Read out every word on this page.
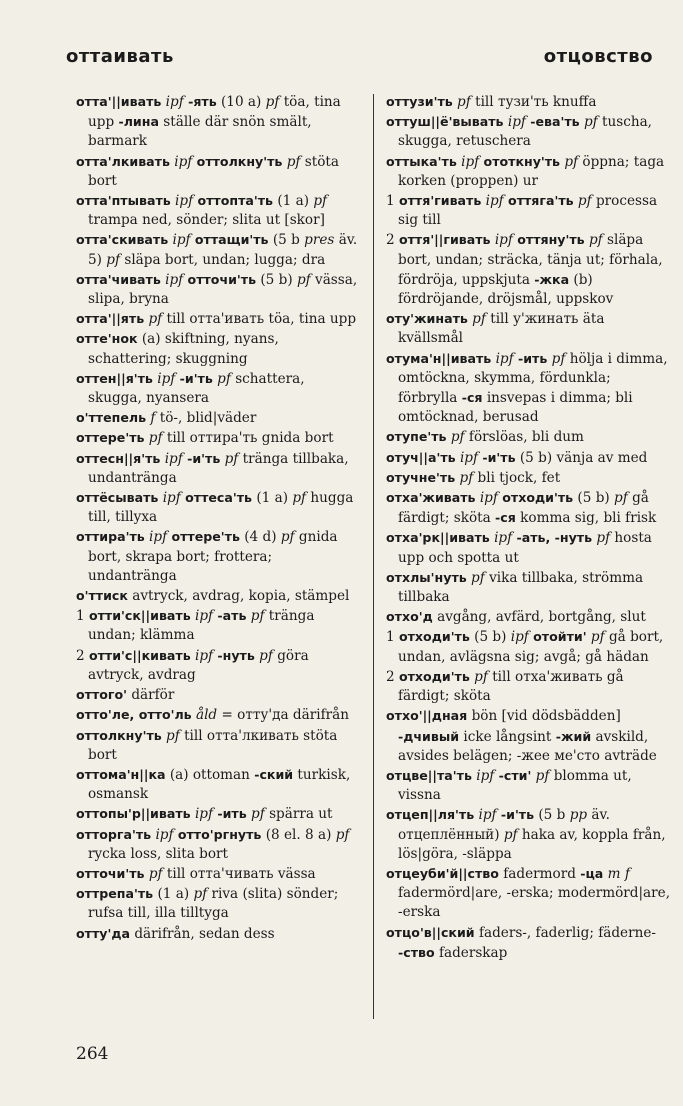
оттаивать	отцовство

отта'||ивать ipf -ять (10 a) pf töa, tina upp -лина ställe där snön smält, barmark

отта'лкивать ipf оттолкну'ть pf stöta bort

отта'птывать ipf оттопта'ть (1 a) pf trampa ned, sönder; slita ut [skor]

отта'скивать ipf оттащи'ть (5 b pres äv. 5) pf släpa bort, undan; lugga; dra

отта'чивать ipf отточи'ть (5 b) pf vässa, slipa, bryna

отта'||ять pf till отта'ивать töa, tina upp

отте'нок (a) skiftning, nyans, schattering; skuggning

оттен||я'ть ipf -и'ть pf schattera, skugga, nyansera

о'ттепель f tö-, blid|väder

оттере'ть pf till оттира'ть gnida bort

оттесн||я'ть ipf -и'ть pf tränga tillbaka, undantränga

оттёсывать ipf оттеса'ть (1 a) pf hugga till, tillyxa

оттира'ть ipf оттере'ть (4 d) pf gnida bort, skrapa bort; frottera; undantränga

о'ттиск avtryck, avdrag, kopia, stämpel

1 отти'ск||ивать ipf -ать pf tränga undan; klämma

2 отти'с||кивать ipf -нуть pf göra avtryck, avdrag

оттого' därför

отто'ле, отто'ль åld = отту'да därifrån

оттолкну'ть pf till отта'лкивать stöta bort

оттома'н||ка (a) ottoman -ский turkisk, osmansk

оттопы'р||ивать ipf -ить pf spärra ut

отторга'ть ipf отто'ргнуть (8 el. 8 a) pf rycka loss, slita bort

отточи'ть pf till отта'чивать vässa

оттрепа'ть (1 a) pf riva (slita) sönder; rufsa till, illa tilltyga

отту'да därifrån, sedan dess

оттузи'ть pf till тузи'ть knuffa

оттуш||ё'вывать ipf -ева'ть pf tuscha, skugga, retuschera

оттыка'ть ipf ототкну'ть pf öppna; taga korken (proppen) ur

1 оття'гивать ipf оттяга'ть pf processa sig till

2 оття'||гивать ipf оттяну'ть pf släpa bort, undan; sträcka, tänja ut; förhala, fördröja, uppskjuta -жка (b) fördröjande, dröjsmål, uppskov

оту'жинать pf till у'жинать äta kvällsmål

отума'н||ивать ipf -ить pf hölja i dimma, omtöckna, skymma, fördunkla; förbrylla -ся insvepas i dimma; bli omtöcknad, berusad

отупе'ть pf förslöas, bli dum

отуч||а'ть ipf -и'ть (5 b) vänja av med

отучне'ть pf bli tjock, fet

отха'живать ipf отходи'ть (5 b) pf gå färdigt; sköta -ся komma sig, bli frisk

отха'рк||ивать ipf -ать, -нуть pf hosta upp och spotta ut

отхлы'нуть pf vika tillbaka, strömma tillbaka

отхо'д avgång, avfärd, bortgång, slut

1 отходи'ть (5 b) ipf отойти' pf gå bort, undan, avlägsna sig; avgå; gå hädan

2 отходи'ть pf till отха'живать gå färdigt; sköta

отхо'||дная bön [vid dödsbädden] -дчивый icke långsint -жий avskild, avsides belägen; -жее ме'сто avträde

отцве||та'ть ipf -сти' pf blomma ut, vissna

отцеп||ля'ть ipf -и'ть (5 b pp äv. отцеплённый) pf haka av, koppla från, lös|göra, -släppa

отцеуби'й||ство fadermord -ца m f fadermörd|are, -erska; modermörd|are, -erska

отцо'в||ский faders-, faderlig; fäderne- -ство faderskap

264
